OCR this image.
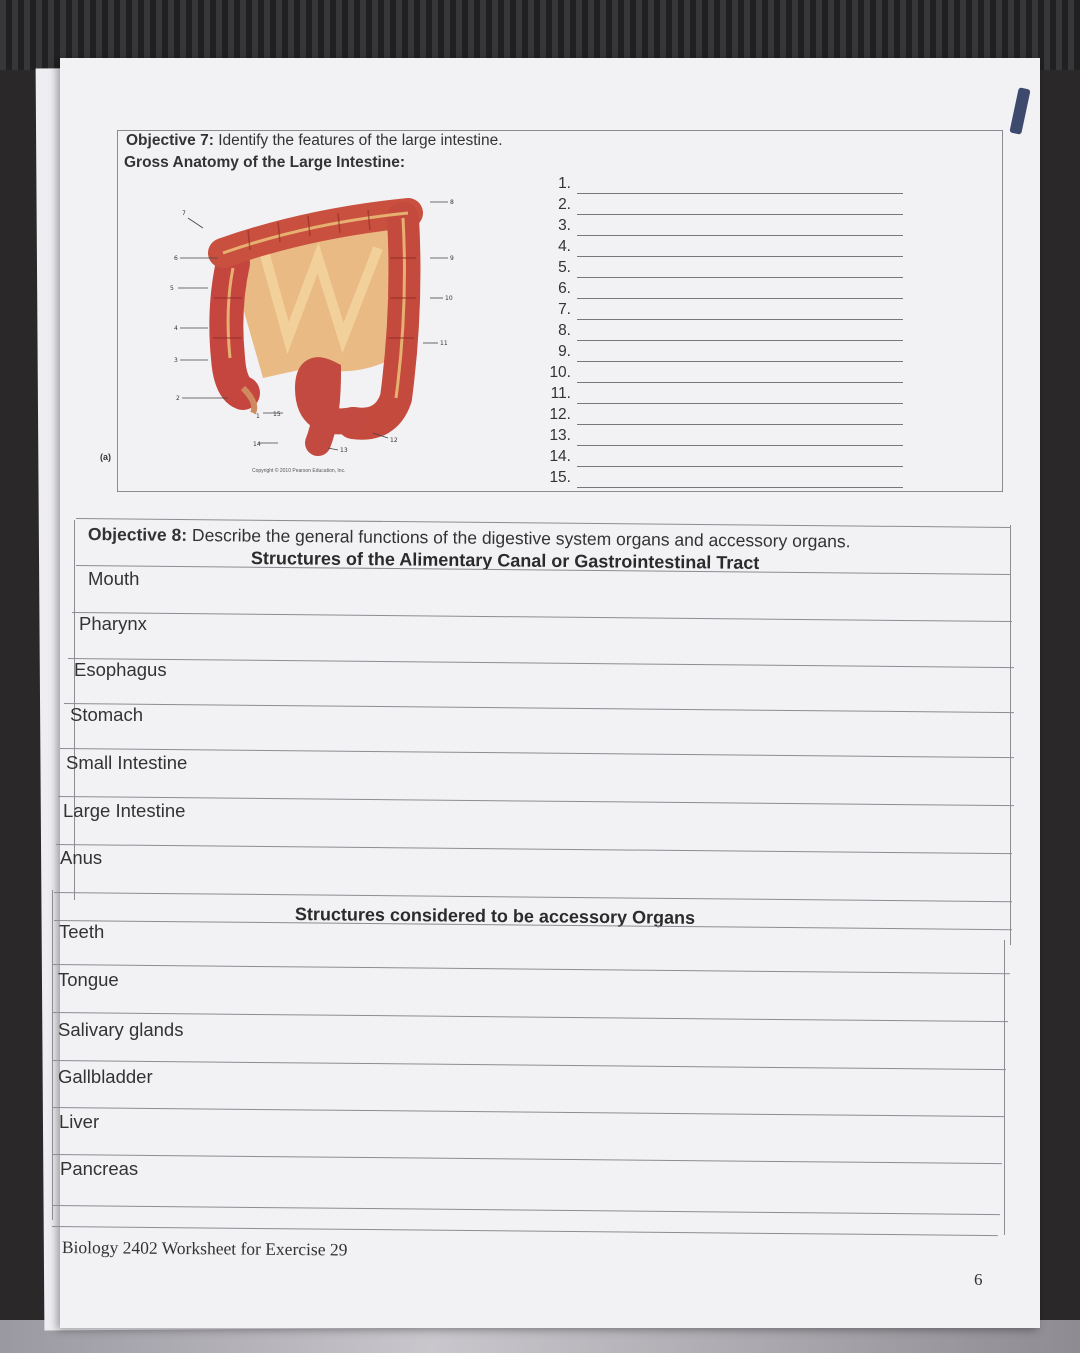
Objective 7: Identify the features of the large intestine.
Gross Anatomy of the Large Intestine:
(a)
7
6
5
4
3
2
1
8
9
10
11
12
13
14
15
Copyright © 2010 Pearson Education, Inc.
1.
2.
3.
4.
5.
6.
7.
8.
9.
10.
11.
12.
13.
14.
15.
Objective 8: Describe the general functions of the digestive system organs and accessory organs.
Structures of the Alimentary Canal or Gastrointestinal Tract
Mouth
Pharynx
Esophagus
Stomach
Small Intestine
Large Intestine
Anus
Structures considered to be accessory Organs
Teeth
Tongue
Salivary glands
Gallbladder
Liver
Pancreas
Biology 2402 Worksheet for Exercise 29
6
